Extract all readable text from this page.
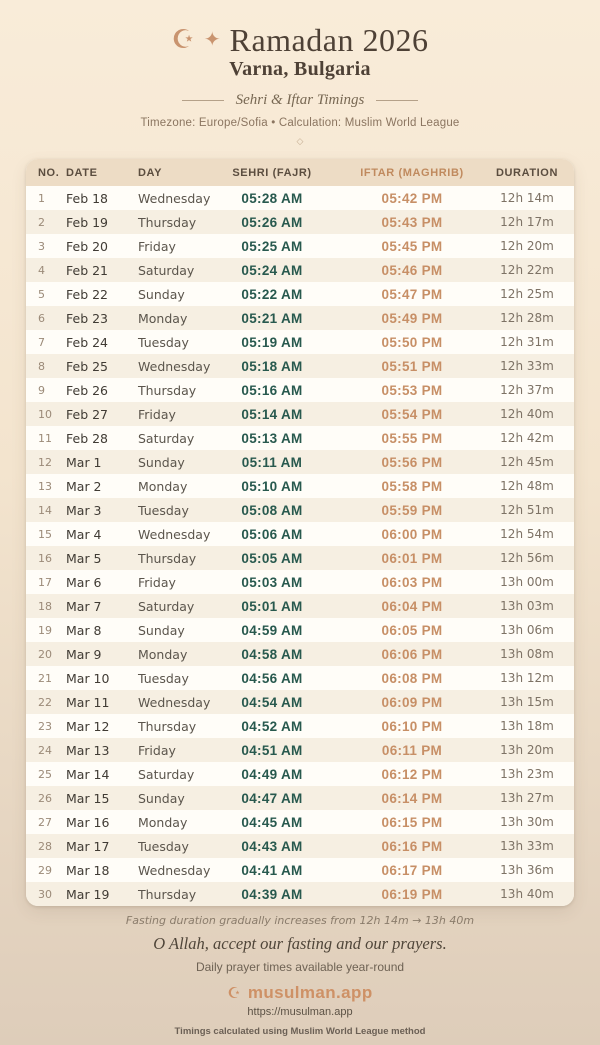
☪ ✦ Ramadan 2026
Varna, Bulgaria
Sehri & Iftar Timings
Timezone: Europe/Sofia • Calculation: Muslim World League
◇
NO. DATE	DAY	SEHRI (FAJR)	IFTAR (MAGHRIB)	DURATION
1	Feb 18	Wednesday	05:28 AM	05:42 PM	12h 14m
2	Feb 19	Thursday	05:26 AM	05:43 PM	12h 17m
3	Feb 20	Friday	05:25 AM	05:45 PM	12h 20m
4	Feb 21	Saturday	05:24 AM	05:46 PM	12h 22m
5	Feb 22	Sunday	05:22 AM	05:47 PM	12h 25m
6	Feb 23	Monday	05:21 AM	05:49 PM	12h 28m
7	Feb 24	Tuesday	05:19 AM	05:50 PM	12h 31m
8	Feb 25	Wednesday	05:18 AM	05:51 PM	12h 33m
9	Feb 26	Thursday	05:16 AM	05:53 PM	12h 37m
10	Feb 27	Friday	05:14 AM	05:54 PM	12h 40m
11	Feb 28	Saturday	05:13 AM	05:55 PM	12h 42m
12	Mar 1	Sunday	05:11 AM	05:56 PM	12h 45m
13	Mar 2	Monday	05:10 AM	05:58 PM	12h 48m
14	Mar 3	Tuesday	05:08 AM	05:59 PM	12h 51m
15	Mar 4	Wednesday	05:06 AM	06:00 PM	12h 54m
16	Mar 5	Thursday	05:05 AM	06:01 PM	12h 56m
17	Mar 6	Friday	05:03 AM	06:03 PM	13h 00m
18	Mar 7	Saturday	05:01 AM	06:04 PM	13h 03m
19	Mar 8	Sunday	04:59 AM	06:05 PM	13h 06m
20	Mar 9	Monday	04:58 AM	06:06 PM	13h 08m
21	Mar 10	Tuesday	04:56 AM	06:08 PM	13h 12m
22	Mar 11	Wednesday	04:54 AM	06:09 PM	13h 15m
23	Mar 12	Thursday	04:52 AM	06:10 PM	13h 18m
24	Mar 13	Friday	04:51 AM	06:11 PM	13h 20m
25	Mar 14	Saturday	04:49 AM	06:12 PM	13h 23m
26	Mar 15	Sunday	04:47 AM	06:14 PM	13h 27m
27	Mar 16	Monday	04:45 AM	06:15 PM	13h 30m
28	Mar 17	Tuesday	04:43 AM	06:16 PM	13h 33m
29	Mar 18	Wednesday	04:41 AM	06:17 PM	13h 36m
30	Mar 19	Thursday	04:39 AM	06:19 PM	13h 40m
Fasting duration gradually increases from 12h 14m → 13h 40m
O Allah, accept our fasting and our prayers.
Daily prayer times available year-round
☪ musulman.app
https://musulman.app
Timings calculated using Muslim World League method
